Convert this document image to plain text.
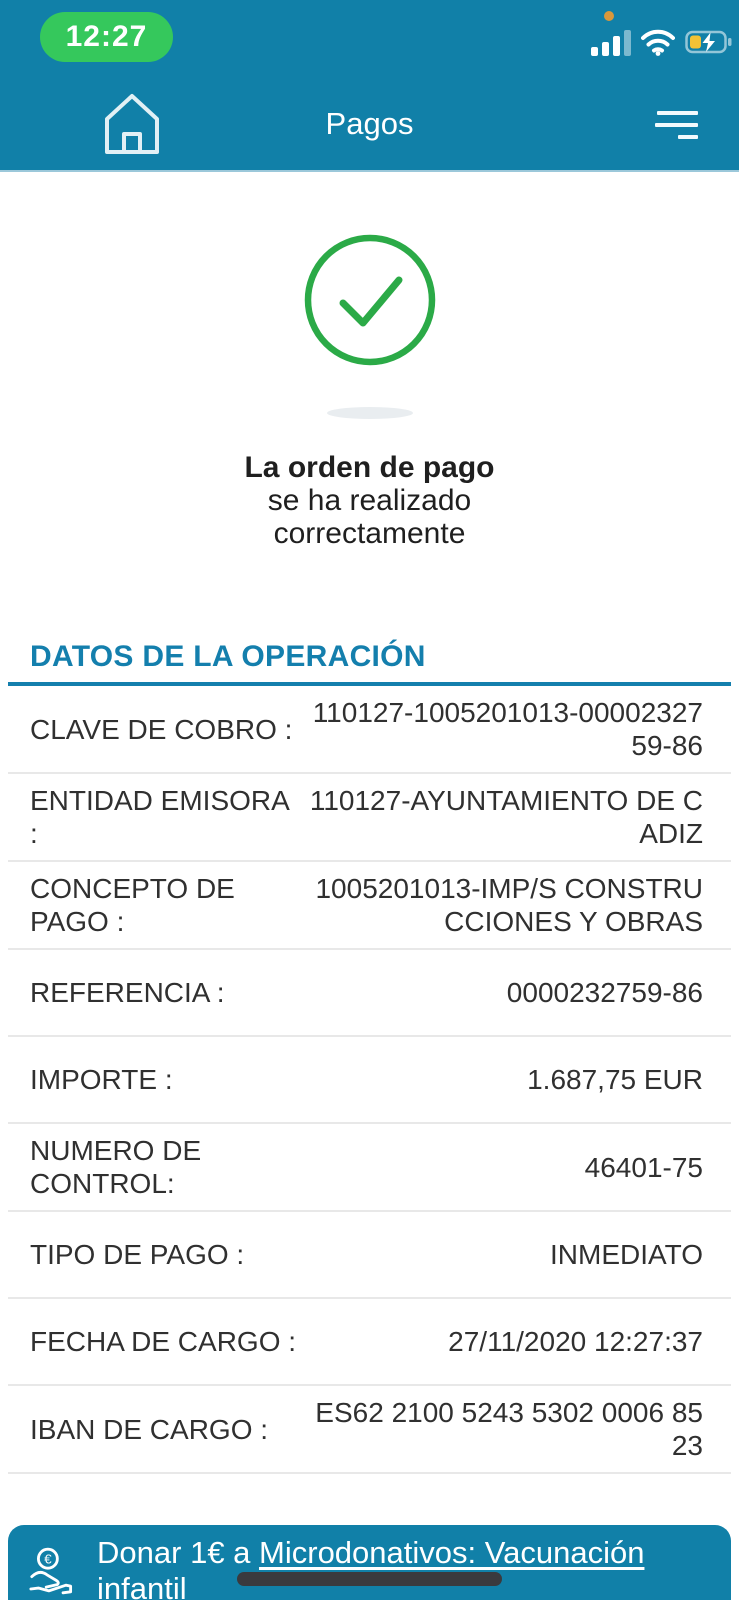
12:27
Pagos
La orden de pago
se ha realizado
correctamente
DATOS DE LA OPERACIÓN
CLAVE DE COBRO :
110127-1005201013-0000232759-86
ENTIDAD EMISORA :
110127-AYUNTAMIENTO DE CADIZ
CONCEPTO DE PAGO :
1005201013-IMP/S CONSTRUCCIONES Y OBRAS
REFERENCIA :	0000232759-86
IMPORTE :	1.687,75 EUR
NUMERO DE CONTROL:
46401-75
TIPO DE PAGO :	INMEDIATO
FECHA DE CARGO :	27/11/2020 12:27:37
IBAN DE CARGO :
ES62 2100 5243 5302 0006 8523
€ Donar 1€ a Microdonativos: Vacunación infantil
